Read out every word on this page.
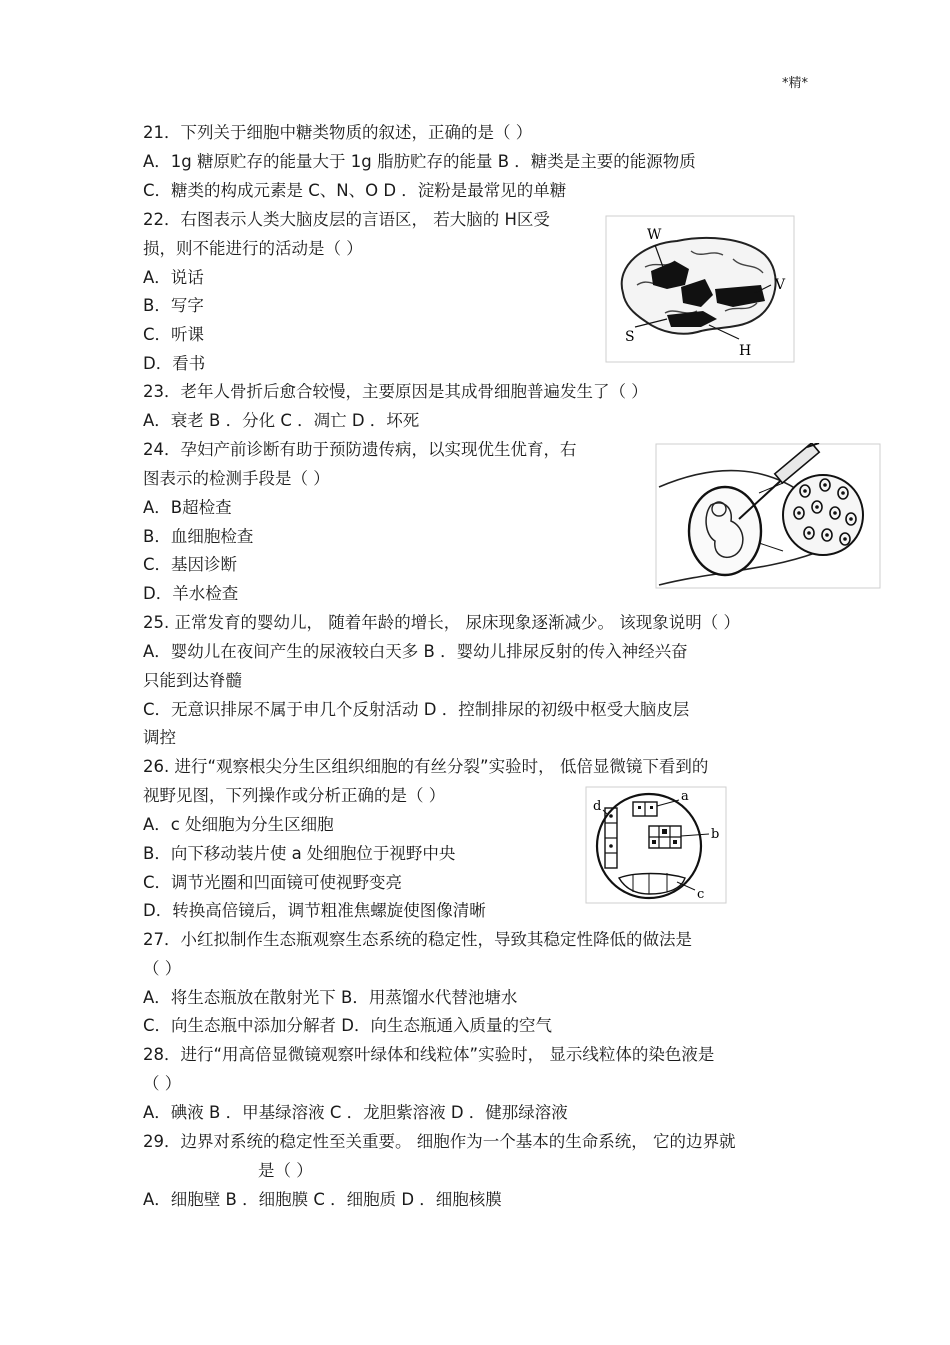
*精*
21．下列关于细胞中糖类物质的叙述，正确的是（ ）
A．1g 糖原贮存的能量大于 1g 脂肪贮存的能量 B ．糖类是主要的能源物质
C．糖类的构成元素是 C、N、O D ．淀粉是最常见的单糖
22．右图表示人类大脑皮层的言语区， 若大脑的 H区受
损，则不能进行的活动是（ ）
A．说话
B．写字
C．听课
D．看书
W
V
S
H
23．老年人骨折后愈合较慢，主要原因是其成骨细胞普遍发生了（ ）
A．衰老 B ．分化 C ．凋亡 D ．坏死
24．孕妇产前诊断有助于预防遗传病，以实现优生优育，右
图表示的检测手段是（ ）
A．B超检查
B．血细胞检查
C．基因诊断
D．羊水检查
25. 正常发育的婴幼儿， 随着年龄的增长， 尿床现象逐渐减少。 该现象说明（ ）
A．婴幼儿在夜间产生的尿液较白天多 B ．婴幼儿排尿反射的传入神经兴奋
只能到达脊髓
C．无意识排尿不属于申几个反射活动 D ．控制排尿的初级中枢受大脑皮层
调控
26. 进行“观察根尖分生区组织细胞的有丝分裂”实验时， 低倍显微镜下看到的
视野见图，下列操作或分析正确的是（ ）
A．c 处细胞为分生区细胞
B．向下移动装片使 a 处细胞位于视野中央
C．调节光圈和凹面镜可使视野变亮
D．转换高倍镜后，调节粗准焦螺旋使图像清晰
d
a
b
c
27．小红拟制作生态瓶观察生态系统的稳定性，导致其稳定性降低的做法是
（ ）
A．将生态瓶放在散射光下 B．用蒸馏水代替池塘水
C．向生态瓶中添加分解者 D．向生态瓶通入质量的空气
28．进行“用高倍显微镜观察叶绿体和线粒体”实验时， 显示线粒体的染色液是
（ ）
A．碘液 B ．甲基绿溶液 C ．龙胆紫溶液 D ．健那绿溶液
29．边界对系统的稳定性至关重要。 细胞作为一个基本的生命系统， 它的边界就
是（ ）
A．细胞壁 B ．细胞膜 C ．细胞质 D ．细胞核膜
